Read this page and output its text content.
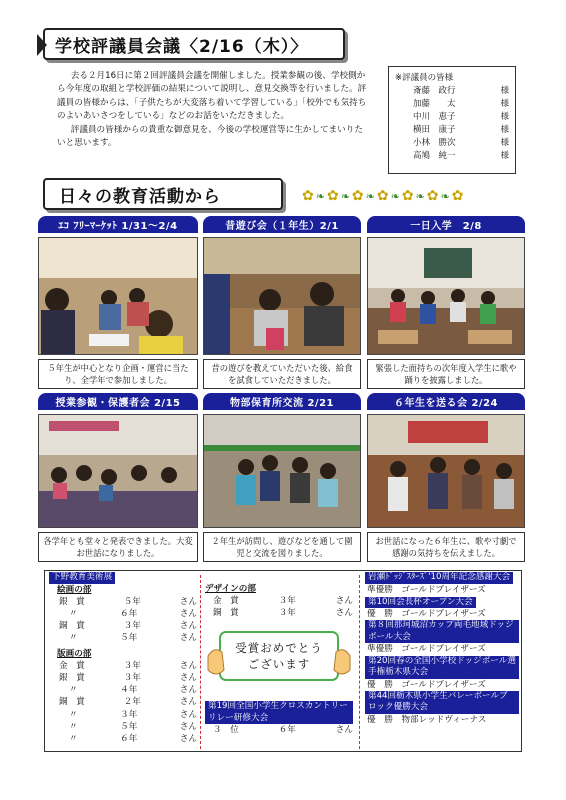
学校評議員会議〈2/16（木）〉

去る２月16日に第２回評議員会議を開催しました。授業参観の後、学校側から今年度の取組と学校評価の結果について説明し、意見交換等を行いました。評議員の皆様からは、「子供たちが大変落ち着いて学習している」「校外でも気持ちのよいあいさつをしている」などのお話をいただきました。

評議員の皆様からの貴重な御意見を、今後の学校運営等に生かしてまいりたいと思います。

※評議員の皆様
斎藤　政行	様
加藤　　太	様
中川　恵子	様
横田　康子	様
小林　勝次	様
高鳩　純一	様
日々の教育活動から	✿ ❧ ✿ ❧ ✿ ❧ ✿ ❧ ✿ ❧ ✿ ❧ ✿
ｴｺ ﾌﾘｰﾏｰｹｯﾄ 1/31～2/4
５年生が中心となり企画・運営に当たり、全学年で参加しました。
昔遊び会（１年生）2/1
昔の遊びを教えていただいた後、給食を試食していただきました。
一日入学　2/8
緊張した面持ちの次年度入学生に歌や踊りを披露しました。
授業参観・保護者会 2/15
各学年とも堂々と発表できました。大変お世話になりました。
物部保育所交流 2/21
２年生が訪問し、遊びなどを通して園児と交流を図りました。
６年生を送る会 2/24
お世話になった６年生に、歌や寸劇で感謝の気持ちを伝えました。
下野教育美術展
絵画の部
銀　賞	５年	さん
〃	６年	さん
銅　賞	３年	さん
〃	５年	さん
版画の部
金　賞	３年	さん
銀　賞	３年	さん
〃	４年	さん
銅　賞	２年	さん
〃	３年	さん
〃	５年	さん
〃	６年	さん
デザインの部
金　賞	３年	さん
銅　賞	３年	さん
第19回全国小学生クロスカントリーリレー研修大会
３　位	６年	さん
岩瀬ﾄﾞｯｼﾞｽﾀｰｽﾞ'10周年記念感謝大会
準優勝　ゴールドブレイザーズ
第10回会長杯オープン大会
優　勝　ゴールドブレイザーズ
第８回那珂城沼カップ両毛地域ドッジボール大会
準優勝　ゴールドブレイザーズ
第20回春の全国小学校ドッジボール選手権栃木県大会
優　勝　ゴールドブレイザーズ
第44回栃木県小学生バレーボールブロック優勝大会
優　勝　物部レッドヴィーナス
受賞おめでとうございます
